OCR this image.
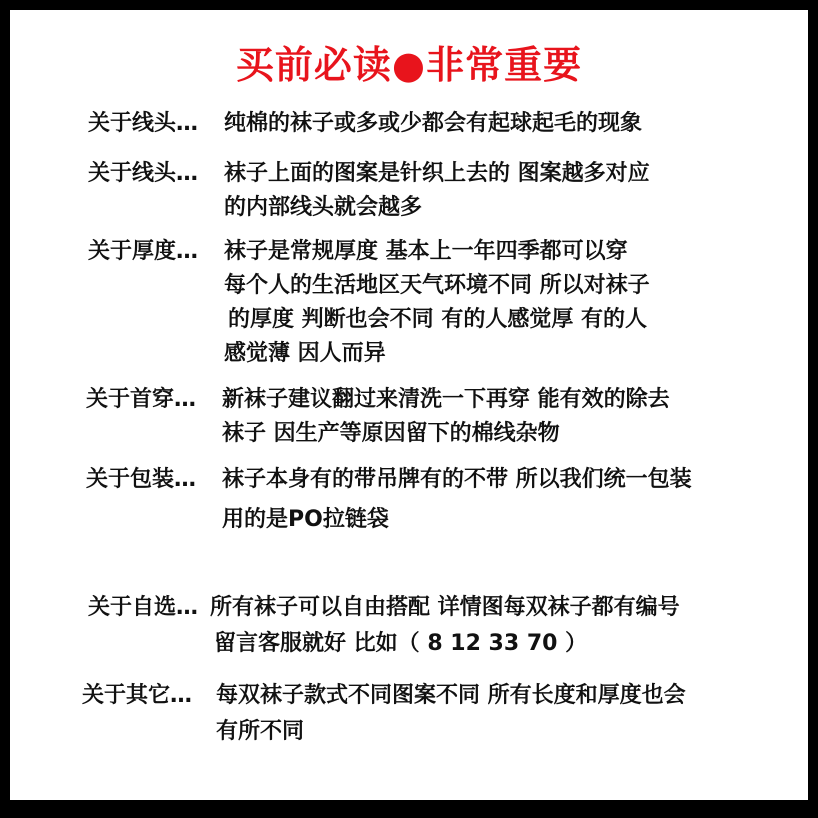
买前必读●非常重要
关于线头… 纯棉的袜子或多或少都会有起球起毛的现象
关于线头… 袜子上面的图案是针织上去的 图案越多对应
的内部线头就会越多
关于厚度… 袜子是常规厚度 基本上一年四季都可以穿
每个人的生活地区天气环境不同 所以对袜子
的厚度 判断也会不同 有的人感觉厚 有的人
感觉薄 因人而异
关于首穿… 新袜子建议翻过来清洗一下再穿 能有效的除去
袜子 因生产等原因留下的棉线杂物
关于包装… 袜子本身有的带吊牌有的不带 所以我们统一包装
用的是PO拉链袋
关于自选… 所有袜子可以自由搭配 详情图每双袜子都有编号
留言客服就好 比如（ 8 12 33 70 ）
关于其它… 每双袜子款式不同图案不同 所有长度和厚度也会
有所不同
